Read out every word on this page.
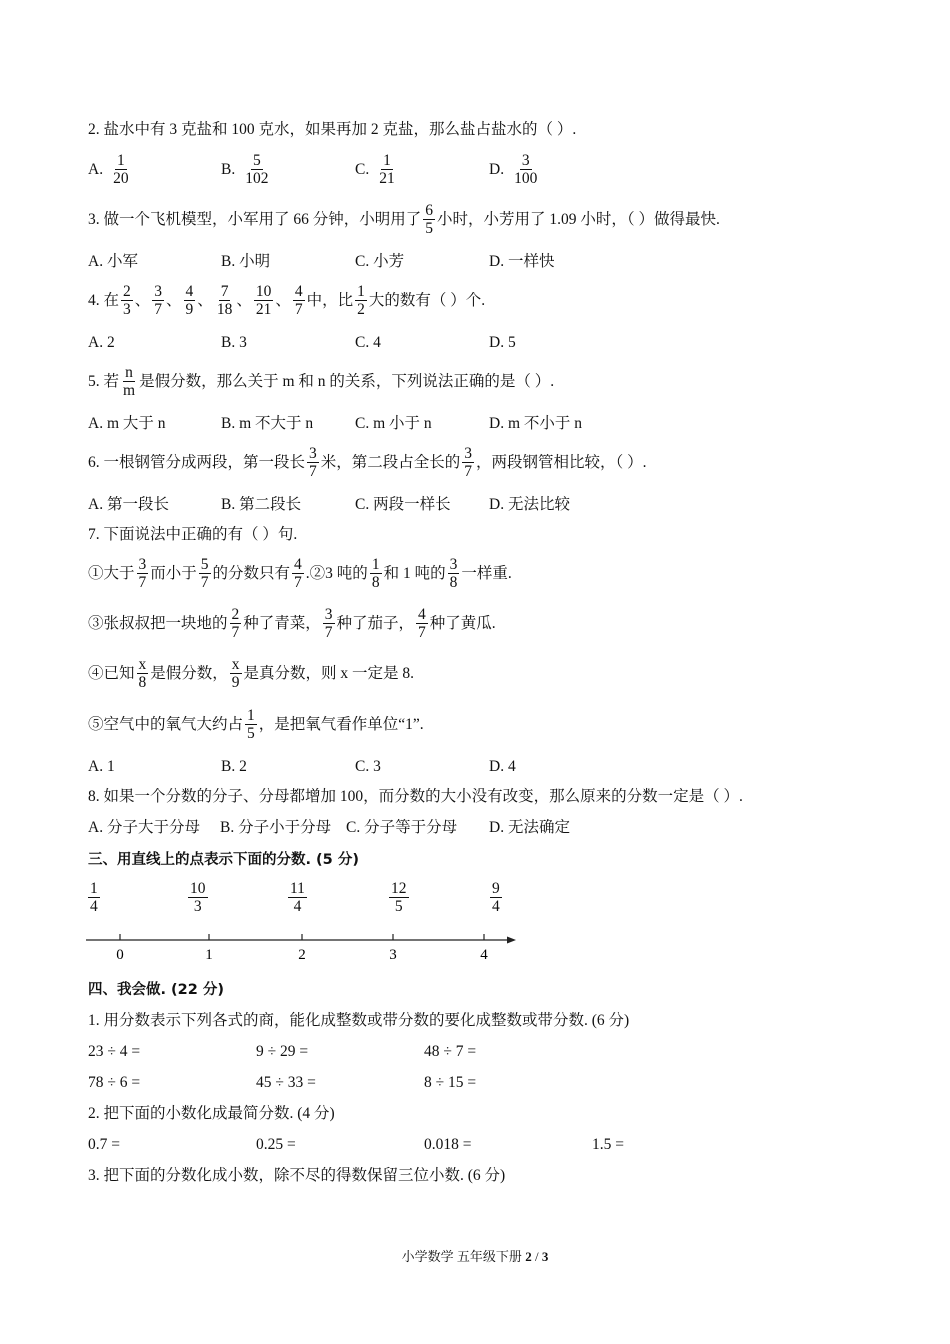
2. 盐水中有 3 克盐和 100 克水，如果再加 2 克盐，那么盐占盐水的（ ）.
A. $\frac{1}{20}$	B. $\frac{5}{102}$	C. $\frac{1}{21}$	D. $\frac{3}{100}$
3. 做一个飞机模型，小军用了 66 分钟，小明用了 $\frac{6}{5}$ 小时，小芳用了 1.09 小时，（ ）做得最快.
A. 小军	B. 小明	C. 小芳	D. 一样快
4. 在 $\frac{2}{3}$ 、 $\frac{3}{7}$ 、 $\frac{4}{9}$ 、 $\frac{7}{18}$ 、 $\frac{10}{21}$ 、 $\frac{4}{7}$ 中，比 $\frac{1}{2}$ 大的数有（ ）个.
A. 2	B. 3	C. 4	D. 5
5. 若 $\frac{n}{m}$ 是假分数，那么关于 m 和 n 的关系，下列说法正确的是（ ）.
A. m 大于 n	B. m 不大于 n	C. m 小于 n	D. m 不小于 n
6. 一根钢管分成两段，第一段长 $\frac{3}{7}$ 米，第二段占全长的 $\frac{3}{7}$ ，两段钢管相比较，（ ）.
A. 第一段长	B. 第二段长	C. 两段一样长 D. 无法比较
7. 下面说法中正确的有（ ）句.
①大于 $\frac{3}{7}$ 而小于 $\frac{5}{7}$ 的分数只有 $\frac{4}{7}$ .②3 吨的 $\frac{1}{8}$ 和 1 吨的 $\frac{3}{8}$ 一样重.
③张叔叔把一块地的 $\frac{2}{7}$ 种了青菜， $\frac{3}{7}$ 种了茄子， $\frac{4}{7}$ 种了黄瓜.
④已知 $\frac{x}{8}$ 是假分数， $\frac{x}{9}$ 是真分数，则 x 一定是 8.
⑤空气中的氧气大约占 $\frac{1}{5}$ ，是把氧气看作单位“1”.
A. 1	B. 2	C. 3	D. 4
8. 如果一个分数的分子、分母都增加 100，而分数的大小没有改变，那么原来的分数一定是（ ）.
A. 分子大于分母 B. 分子小于分母 C. 分子等于分母 D. 无法确定
三、用直线上的点表示下面的分数. (5 分)
$\frac{1}{4}$	$\frac{10}{3}$	$\frac{11}{4}$	$\frac{12}{5}$	$\frac{9}{4}$
0	1	2	3	4
四、我会做. (22 分)
1. 用分数表示下列各式的商，能化成整数或带分数的要化成整数或带分数. (6 分)
23 ÷ 4 =	9 ÷ 29 =	48 ÷ 7 =
78 ÷ 6 =	45 ÷ 33 =	8 ÷ 15 =
2. 把下面的小数化成最简分数. (4 分)
0.7 =	0.25 =	0.018 =	1.5 =
3. 把下面的分数化成小数，除不尽的得数保留三位小数. (6 分)
小学数学 五年级下册 2 / 3
